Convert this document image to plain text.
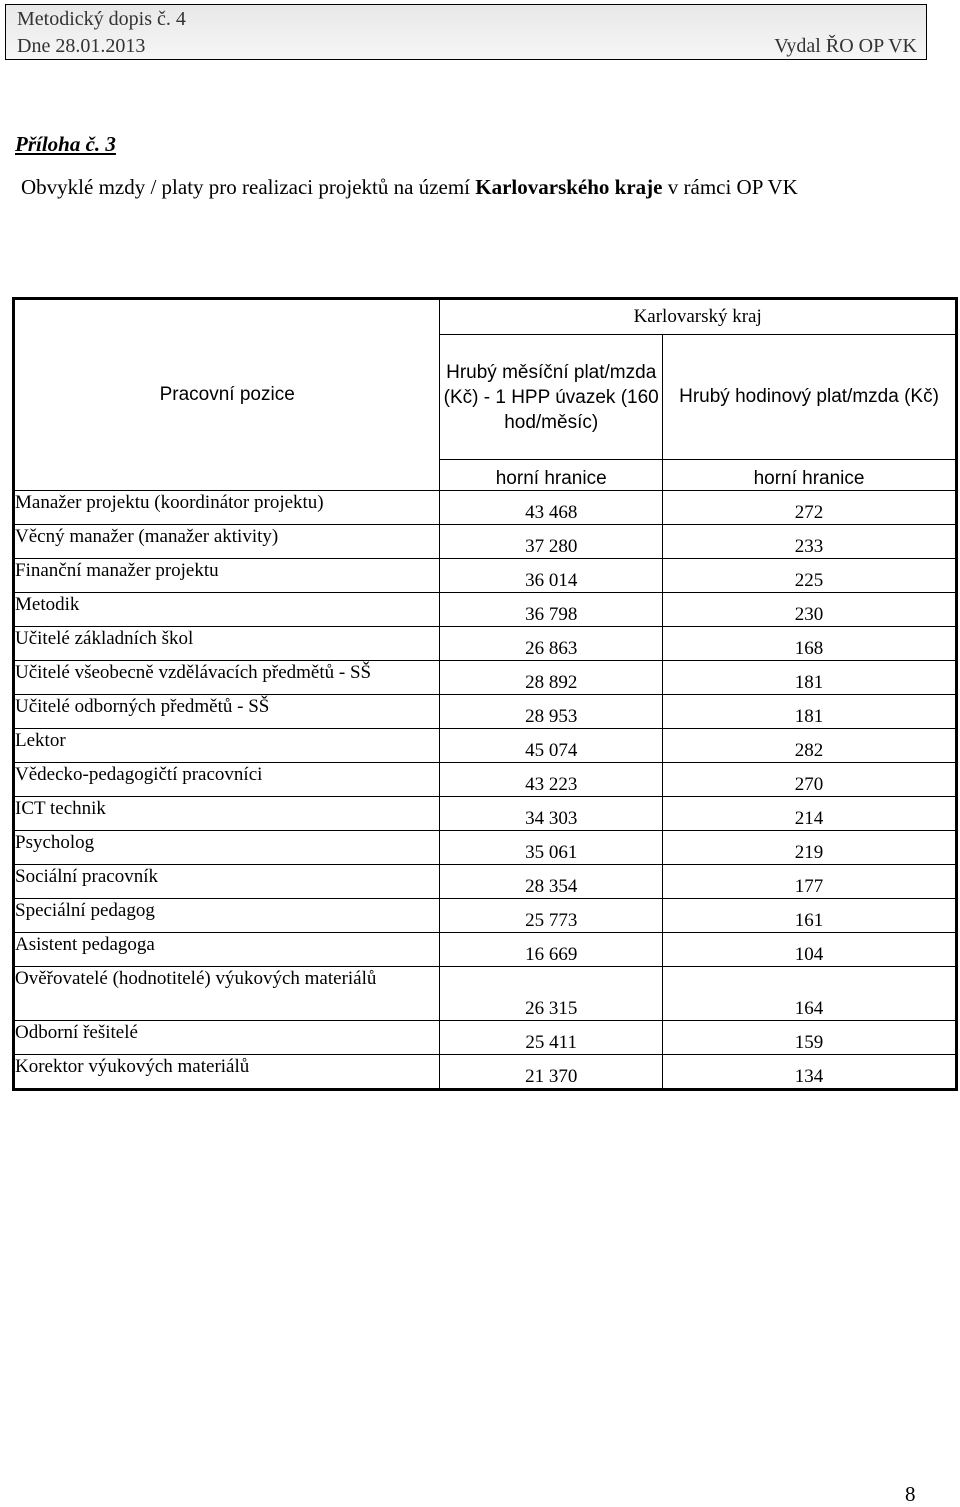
Metodický dopis č. 4
Dne 28.01.2013	Vydal ŘO OP VK
Příloha č. 3
Obvyklé mzdy / platy pro realizaci projektů na území Karlovarského kraje v rámci OP VK
Pracovní pozice	Karlovarský kraj	
	Hrubý měsíční plat/mzda (Kč) - 1 HPP úvazek (160 hod/měsíc)	Hrubý hodinový plat/mzda (Kč)
	horní hranice	horní hranice
Manažer projektu (koordinátor projektu)	43 468	272
Věcný manažer (manažer aktivity)	37 280	233
Finanční manažer projektu	36 014	225
Metodik	36 798	230
Učitelé základních škol	26 863	168
Učitelé všeobecně vzdělávacích předmětů - SŠ	28 892	181
Učitelé odborných předmětů - SŠ	28 953	181
Lektor	45 074	282
Vědecko-pedagogičtí pracovníci	43 223	270
ICT technik	34 303	214
Psycholog	35 061	219
Sociální pracovník	28 354	177
Speciální pedagog	25 773	161
Asistent pedagoga	16 669	104
Ověřovatelé (hodnotitelé) výukových materiálů	26 315	164
Odborní řešitelé	25 411	159
Korektor výukových materiálů	21 370	134
8
